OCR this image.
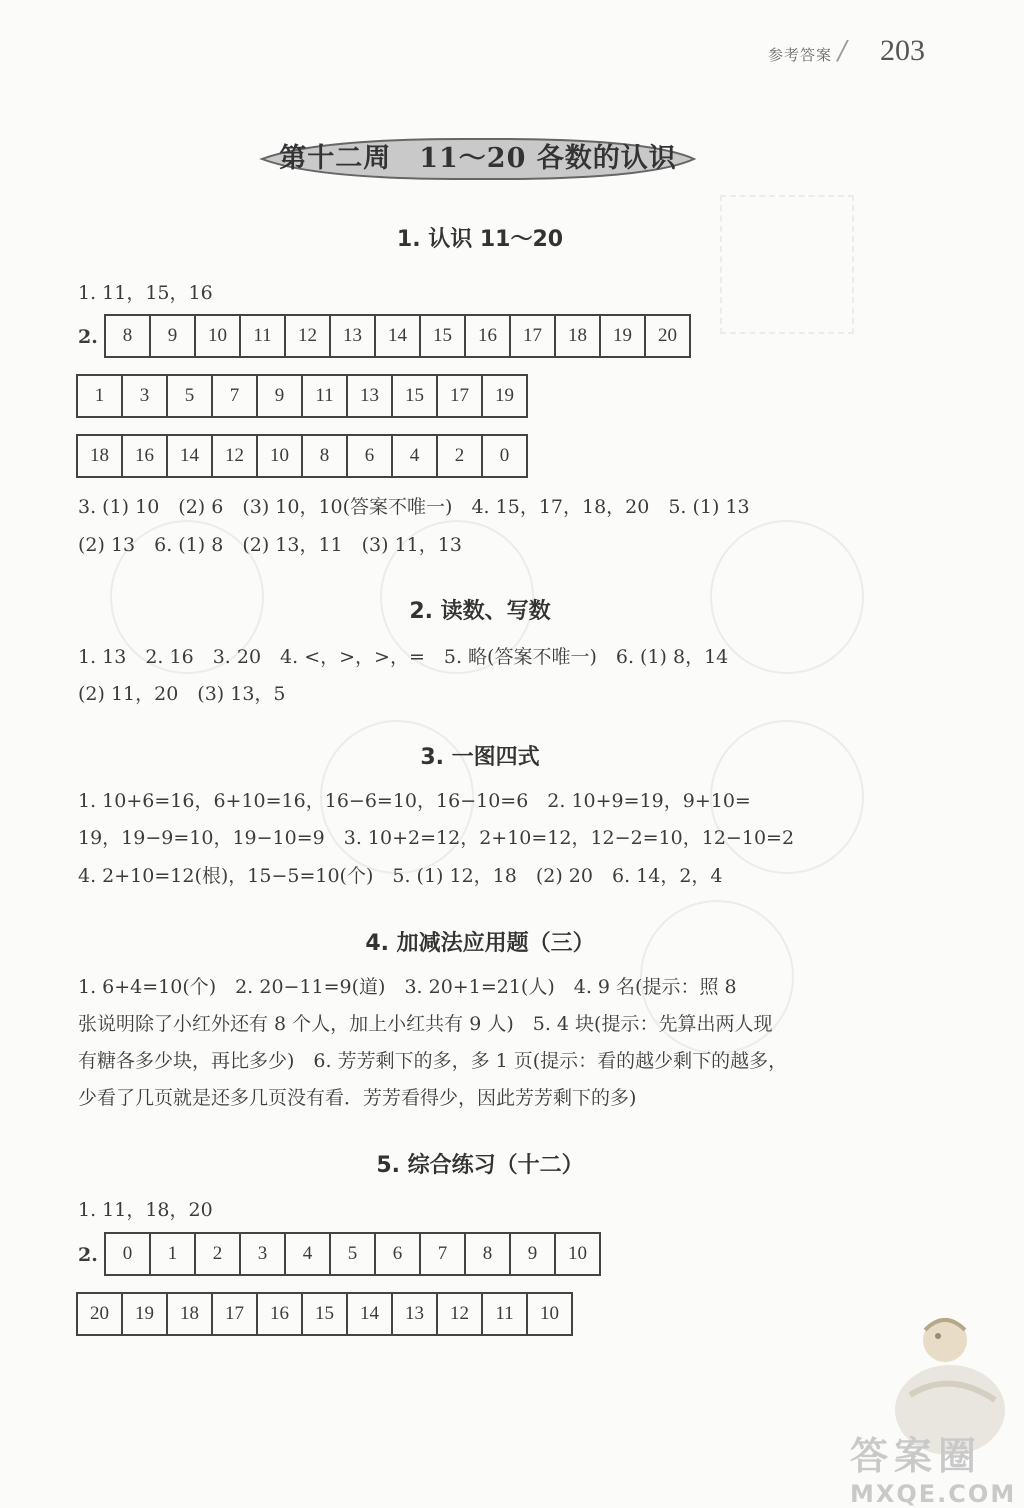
参考答案 / 203
第十二周　11～20 各数的认识
1. 认识 11～20
1. 11，15，16
2. 8	9	10	11	12	13	14	15	16	17	18	19	20
1	3	5	7	9	11	13	15	17	19
18	16	14	12	10	8	6	4	2	0
3. (1) 10　(2) 6　(3) 10，10(答案不唯一)　4. 15，17，18，20　5. (1) 13
(2) 13　6. (1) 8　(2) 13，11　(3) 11，13
2. 读数、写数
1. 13　2. 16　3. 20　4. <，>，>，=　5. 略(答案不唯一)　6. (1) 8，14
(2) 11，20　(3) 13，5
3. 一图四式
1. 10+6=16，6+10=16，16−6=10，16−10=6　2. 10+9=19，9+10=
19，19−9=10，19−10=9　3. 10+2=12，2+10=12，12−2=10，12−10=2
4. 2+10=12(根)，15−5=10(个)　5. (1) 12，18　(2) 20　6. 14，2，4
4. 加减法应用题（三）
1. 6+4=10(个)　2. 20−11=9(道)　3. 20+1=21(人)　4. 9 名(提示：照 8
张说明除了小红外还有 8 个人，加上小红共有 9 人)　5. 4 块(提示：先算出两人现
有糖各多少块，再比多少)　6. 芳芳剩下的多，多 1 页(提示：看的越少剩下的越多，
少看了几页就是还多几页没有看．芳芳看得少，因此芳芳剩下的多)
5. 综合练习（十二）
1. 11，18，20
2. 0	1	2	3	4	5	6	7	8	9	10
20	19	18	17	16	15	14	13	12	11	10
答案圈
MXQE.COM
